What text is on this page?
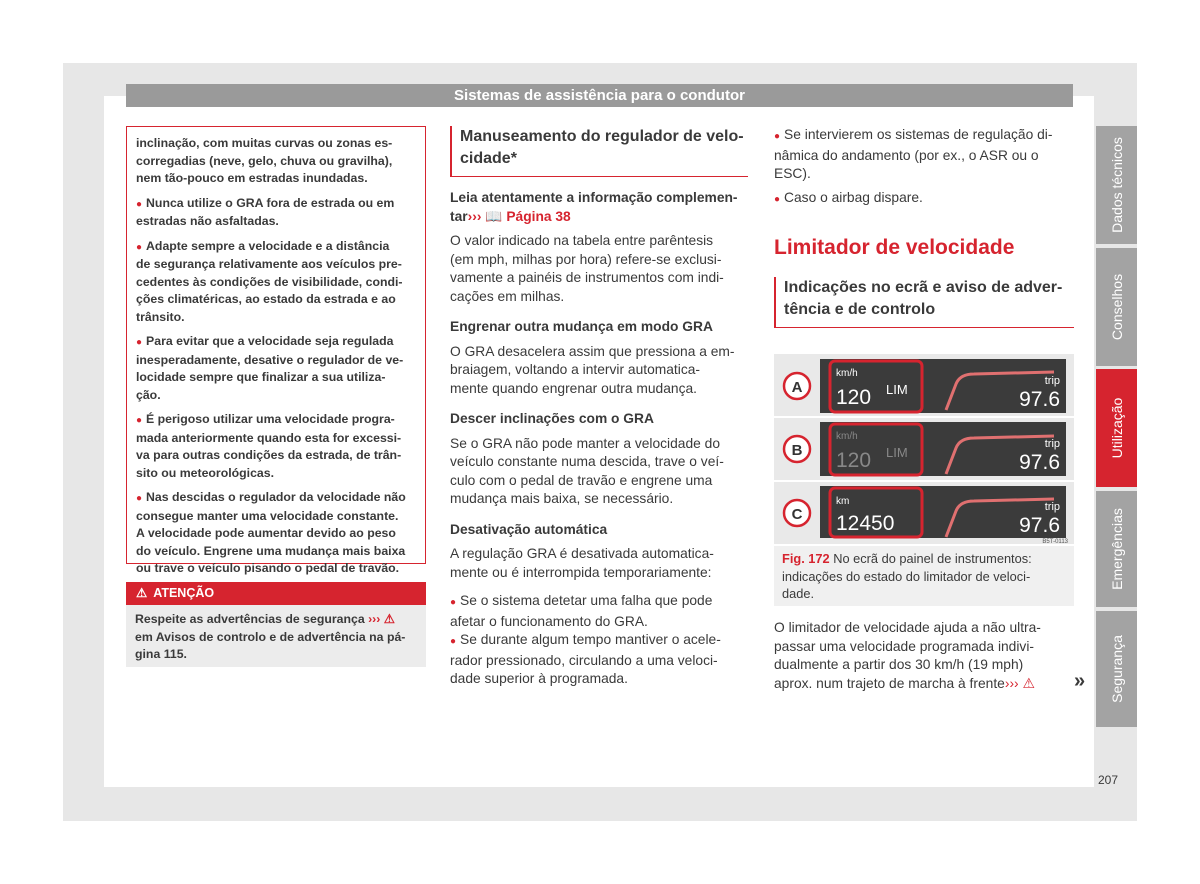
Sistemas de assistência para o condutor
Dados técnicos
Conselhos
Utilização
Emergências
Segurança
207

inclinação, com muitas curvas ou zonas es-
corregadias (neve, gelo, chuva ou gravilha),
nem tão-pouco em estradas inundadas.

● Nunca utilize o GRA fora de estrada ou em
estradas não asfaltadas.

● Adapte sempre a velocidade e a distância
de segurança relativamente aos veículos pre-
cedentes às condições de visibilidade, condi-
ções climatéricas, ao estado da estrada e ao
trânsito.

● Para evitar que a velocidade seja regulada
inesperadamente, desative o regulador de ve-
locidade sempre que finalizar a sua utiliza-
ção.

● É perigoso utilizar uma velocidade progra-
mada anteriormente quando esta for excessi-
va para outras condições da estrada, de trân-
sito ou meteorológicas.

● Nas descidas o regulador da velocidade não
consegue manter uma velocidade constante.
A velocidade pode aumentar devido ao peso
do veículo. Engrene uma mudança mais baixa
ou trave o veículo pisando o pedal de travão.

⚠ ATENÇÃO
Respeite as advertências de segurança ››› ⚠
em Avisos de controlo e de advertência na pá-
gina 115.
Manuseamento do regulador de velo-
cidade*
Leia atentamente a informação complemen-
tar››› 📖 Página 38

O valor indicado na tabela entre parêntesis
(em mph, milhas por hora) refere-se exclusi-
vamente a painéis de instrumentos com indi-
cações em milhas.

Engrenar outra mudança em modo GRA

O GRA desacelera assim que pressiona a em-
braiagem, voltando a intervir automatica-
mente quando engrenar outra mudança.

Descer inclinações com o GRA

Se o GRA não pode manter a velocidade do
veículo constante numa descida, trave o veí-
culo com o pedal de travão e engrene uma
mudança mais baixa, se necessário.

Desativação automática

A regulação GRA é desativada automatica-
mente ou é interrompida temporariamente:

● Se o sistema detetar uma falha que pode
afetar o funcionamento do GRA.

● Se durante algum tempo mantiver o acele-
rador pressionado, circulando a uma veloci-
dade superior à programada.

● Se intervierem os sistemas de regulação di-
nâmica do andamento (por ex., o ASR ou o
ESC).

● Caso o airbag dispare.

Limitador de velocidade
Indicações no ecrã e aviso de adver-
tência e de controlo
A
km/h
120 LIM
trip
97.6
B
km/h
120 LIM
trip
97.6
C
km
12450
trip
97.6
B5T-0113
Fig. 172 No ecrã do painel de instrumentos:
indicações do estado do limitador de veloci-
dade.
O limitador de velocidade ajuda a não ultra-
passar uma velocidade programada indivi-
dualmente a partir dos 30 km/h (19 mph)
aprox. num trajeto de marcha à frente››› ⚠	»
